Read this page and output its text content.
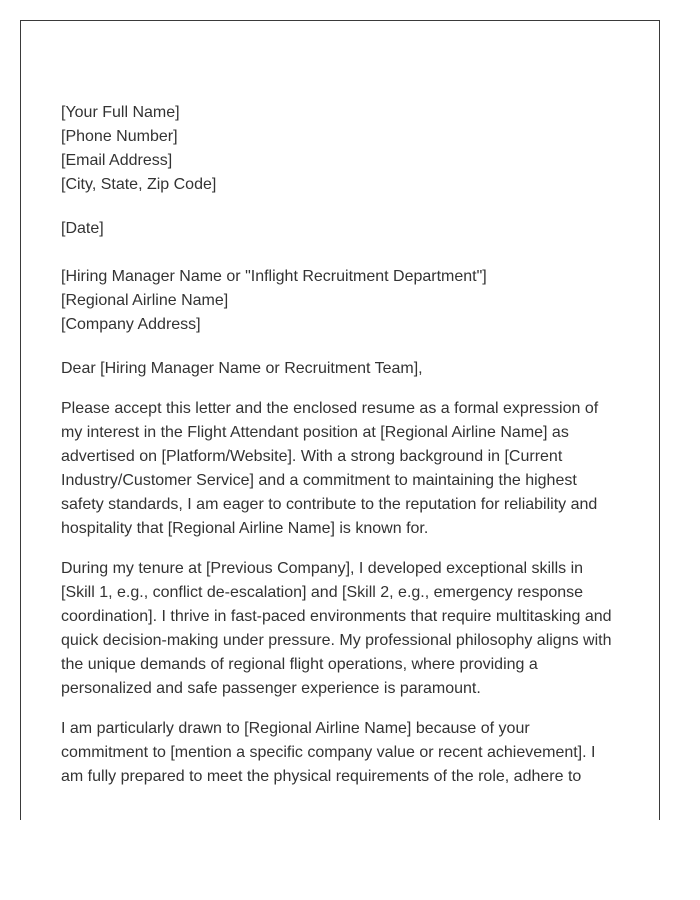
[Your Full Name]
[Phone Number]
[Email Address]
[City, State, Zip Code]
[Date]
[Hiring Manager Name or "Inflight Recruitment Department"]
[Regional Airline Name]
[Company Address]
Dear [Hiring Manager Name or Recruitment Team],

Please accept this letter and the enclosed resume as a formal expression of my interest in the Flight Attendant position at [Regional Airline Name] as advertised on [Platform/Website]. With a strong background in [Current Industry/Customer Service] and a commitment to maintaining the highest safety standards, I am eager to contribute to the reputation for reliability and hospitality that [Regional Airline Name] is known for.

During my tenure at [Previous Company], I developed exceptional skills in [Skill 1, e.g., conflict de-escalation] and [Skill 2, e.g., emergency response coordination]. I thrive in fast-paced environments that require multitasking and quick decision-making under pressure. My professional philosophy aligns with the unique demands of regional flight operations, where providing a personalized and safe passenger experience is paramount.

I am particularly drawn to [Regional Airline Name] because of your commitment to [mention a specific company value or recent achievement]. I am fully prepared to meet the physical requirements of the role, adhere to
